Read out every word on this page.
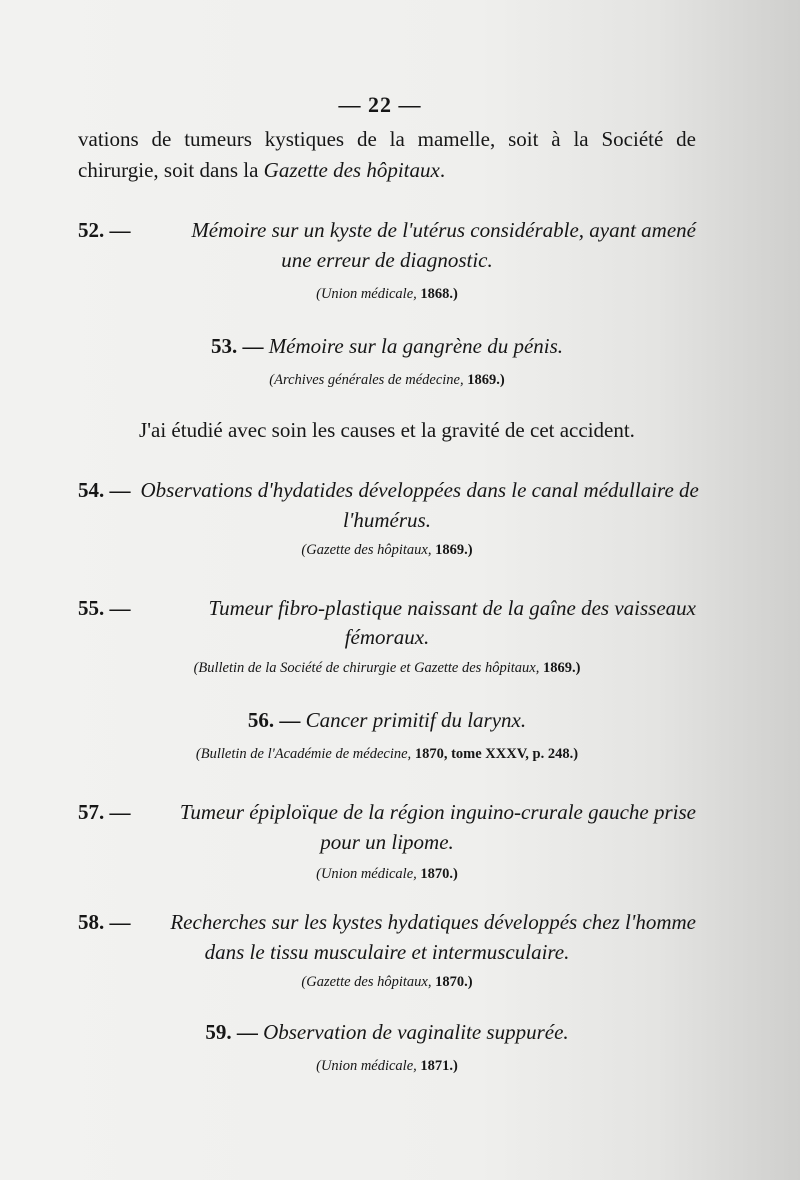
— 22 —
vations de tumeurs kystiques de la mamelle, soit à la Société de chirurgie, soit dans la Gazette des hôpitaux.
52. —	Mémoire sur un kyste de l'utérus considérable, ayant amené
une erreur de diagnostic.
(Union médicale, 1868.)
53. — Mémoire sur la gangrène du pénis.
(Archives générales de médecine, 1869.)
J'ai étudié avec soin les causes et la gravité de cet accident.
54. — Observations d'hydatides développées dans le canal médullaire de
l'humérus.
(Gazette des hôpitaux, 1869.)
55. —	Tumeur fibro-plastique naissant de la gaîne des vaisseaux
fémoraux.
(Bulletin de la Société de chirurgie et Gazette des hôpitaux, 1869.)
56. — Cancer primitif du larynx.
(Bulletin de l'Académie de médecine, 1870, tome XXXV, p. 248.)
57. — Tumeur épiploïque de la région inguino-crurale gauche prise
pour un lipome.
(Union médicale, 1870.)
58. — Recherches sur les kystes hydatiques développés chez l'homme
dans le tissu musculaire et intermusculaire.
(Gazette des hôpitaux, 1870.)
59. — Observation de vaginalite suppurée.
(Union médicale, 1871.)
